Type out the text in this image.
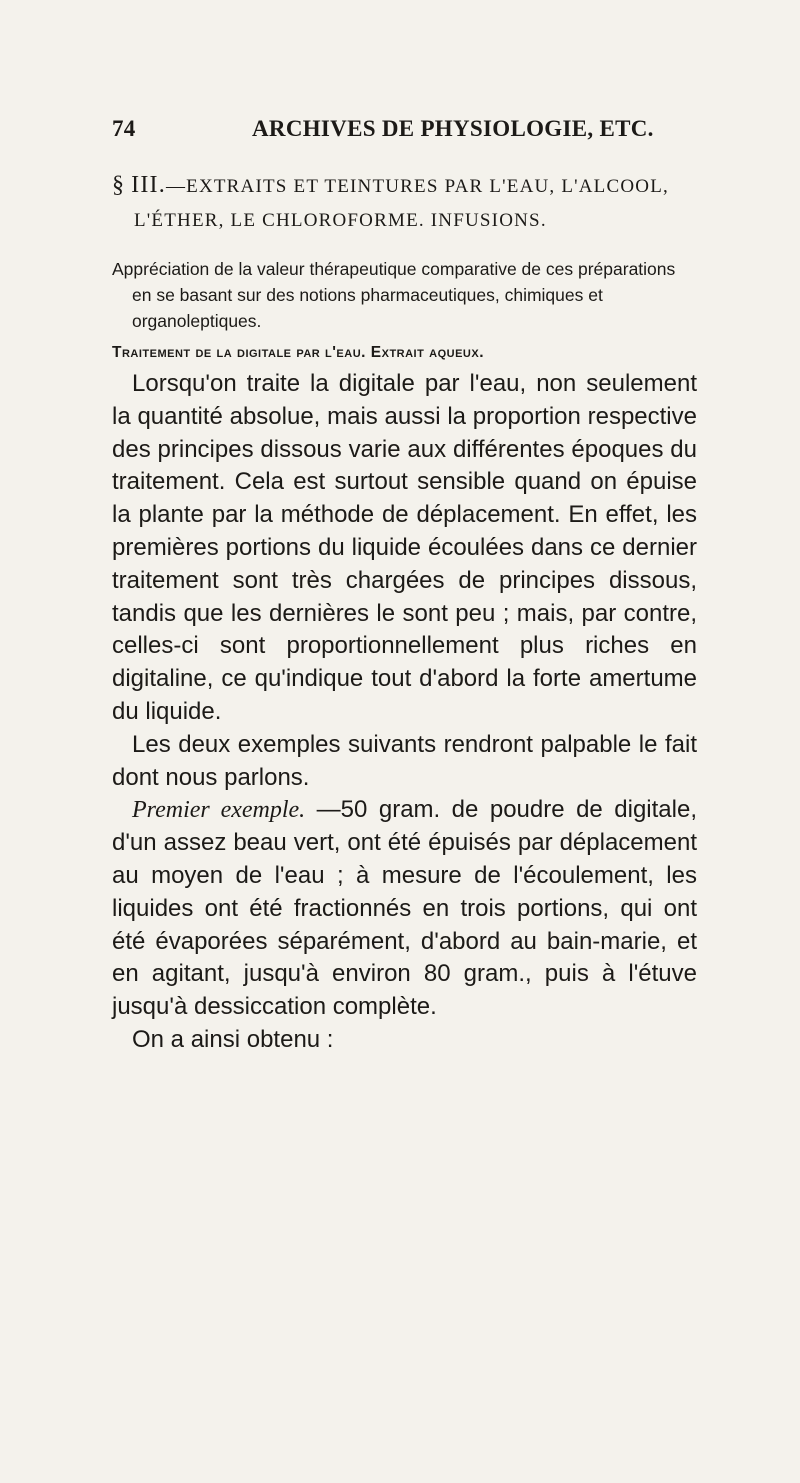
74	ARCHIVES DE PHYSIOLOGIE, ETC.
§ III.—EXTRAITS ET TEINTURES PAR L'EAU, L'ALCOOL,
L'ÉTHER, LE CHLOROFORME. INFUSIONS.
Appréciation de la valeur thérapeutique comparative de ces préparations en se basant sur des notions pharmaceutiques, chimiques et organoleptiques.
Traitement de la digitale par l'eau. Extrait aqueux.

Lorsqu'on traite la digitale par l'eau, non seulement la quantité absolue, mais aussi la proportion respective des principes dissous varie aux différentes époques du traitement. Cela est surtout sensible quand on épuise la plante par la méthode de déplacement. En effet, les premières portions du liquide écoulées dans ce dernier traitement sont très chargées de principes dissous, tandis que les dernières le sont peu ; mais, par contre, celles-ci sont proportionnellement plus riches en digitaline, ce qu'indique tout d'abord la forte amertume du liquide.

Les deux exemples suivants rendront palpable le fait dont nous parlons.

Premier exemple. —50 gram. de poudre de digitale, d'un assez beau vert, ont été épuisés par déplacement au moyen de l'eau ; à mesure de l'écoulement, les liquides ont été fractionnés en trois portions, qui ont été évaporées séparément, d'abord au bain-marie, et en agitant, jusqu'à environ 80 gram., puis à l'étuve jusqu'à dessiccation complète.

On a ainsi obtenu :
